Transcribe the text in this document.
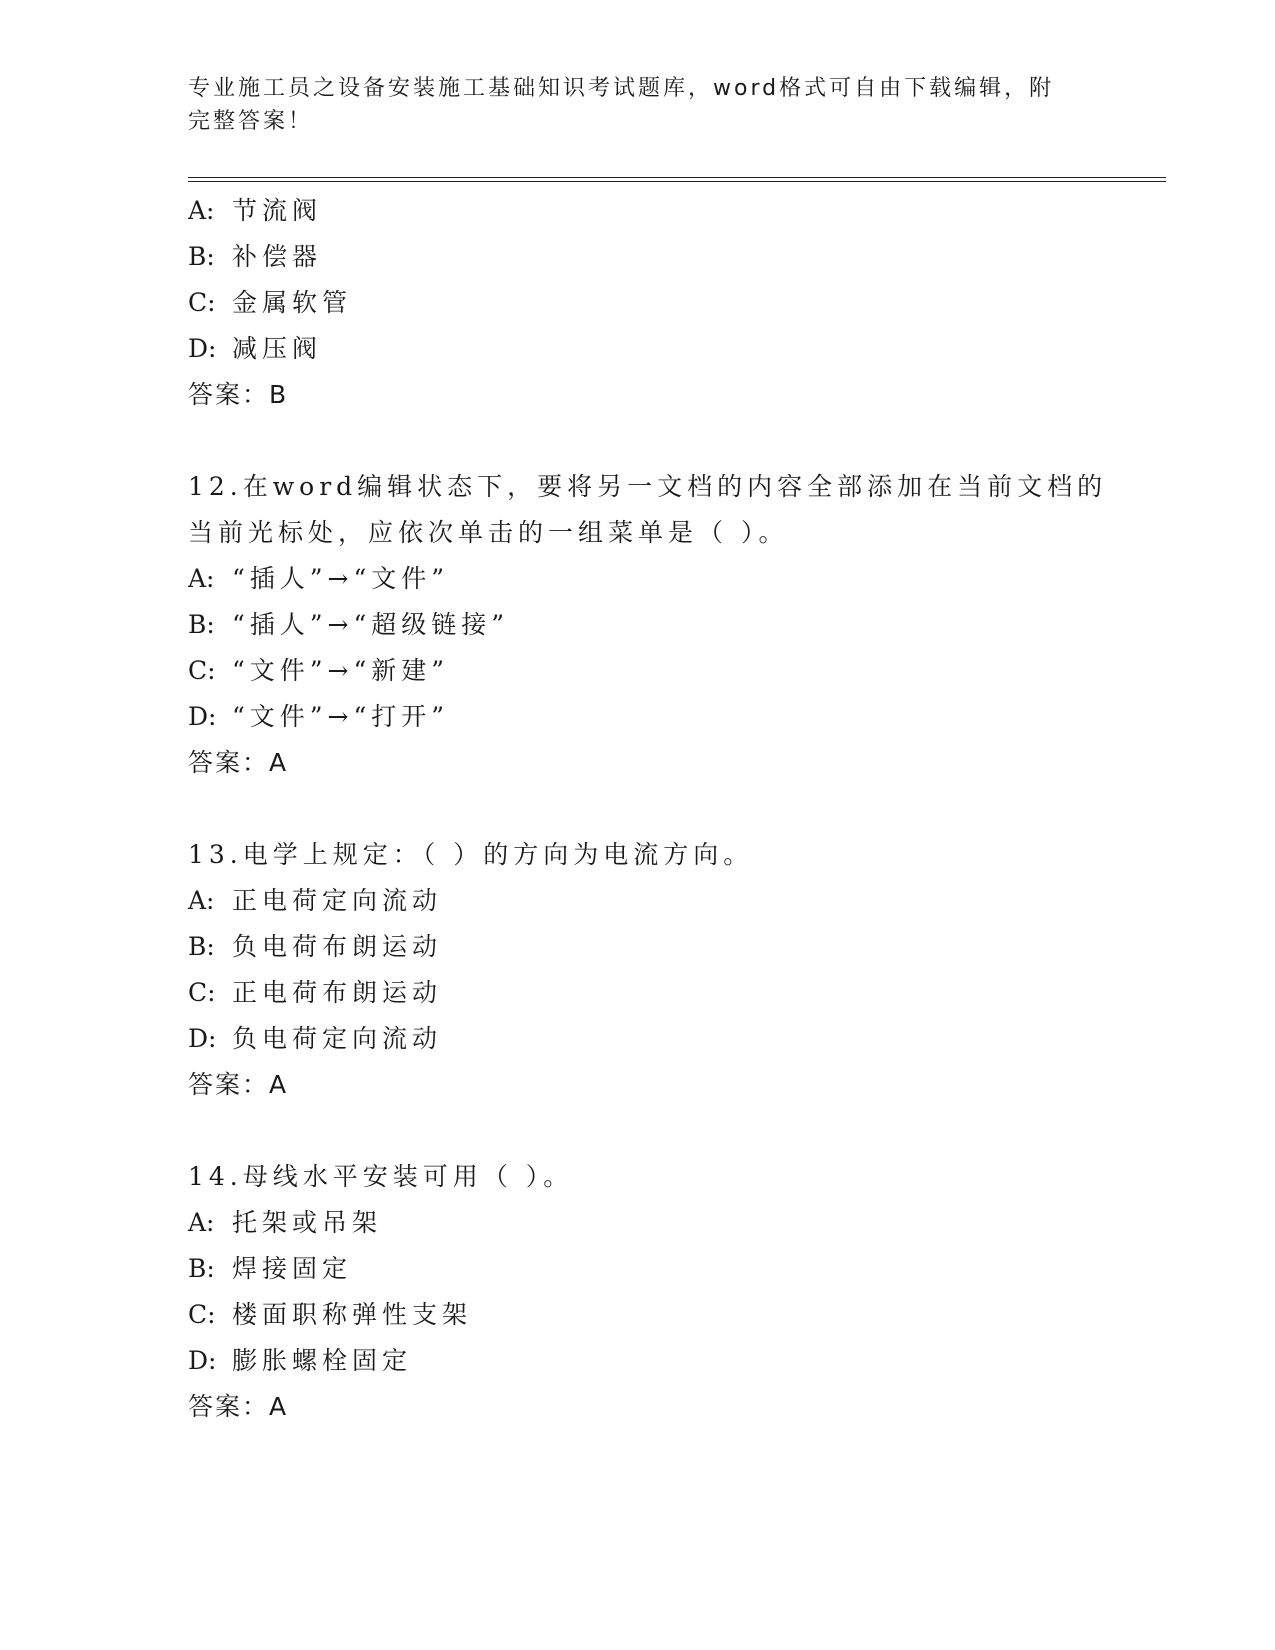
专业施工员之设备安装施工基础知识考试题库，word格式可自由下载编辑，附完整答案！
A: 节流阀
B: 补偿器
C: 金属软管
D: 减压阀
答案：B
12.在word编辑状态下，要将另一文档的内容全部添加在当前文档的
当前光标处，应依次单击的一组菜单是（ ）。
A: “插人”→“文件”
B: “插人”→“超级链接”
C: “文件”→“新建”
D: “文件”→“打开”
答案：A
13.电学上规定：（ ）的方向为电流方向。
A: 正电荷定向流动
B: 负电荷布朗运动
C: 正电荷布朗运动
D: 负电荷定向流动
答案：A
14.母线水平安装可用（ ）。
A: 托架或吊架
B: 焊接固定
C: 楼面职称弹性支架
D: 膨胀螺栓固定
答案：A
